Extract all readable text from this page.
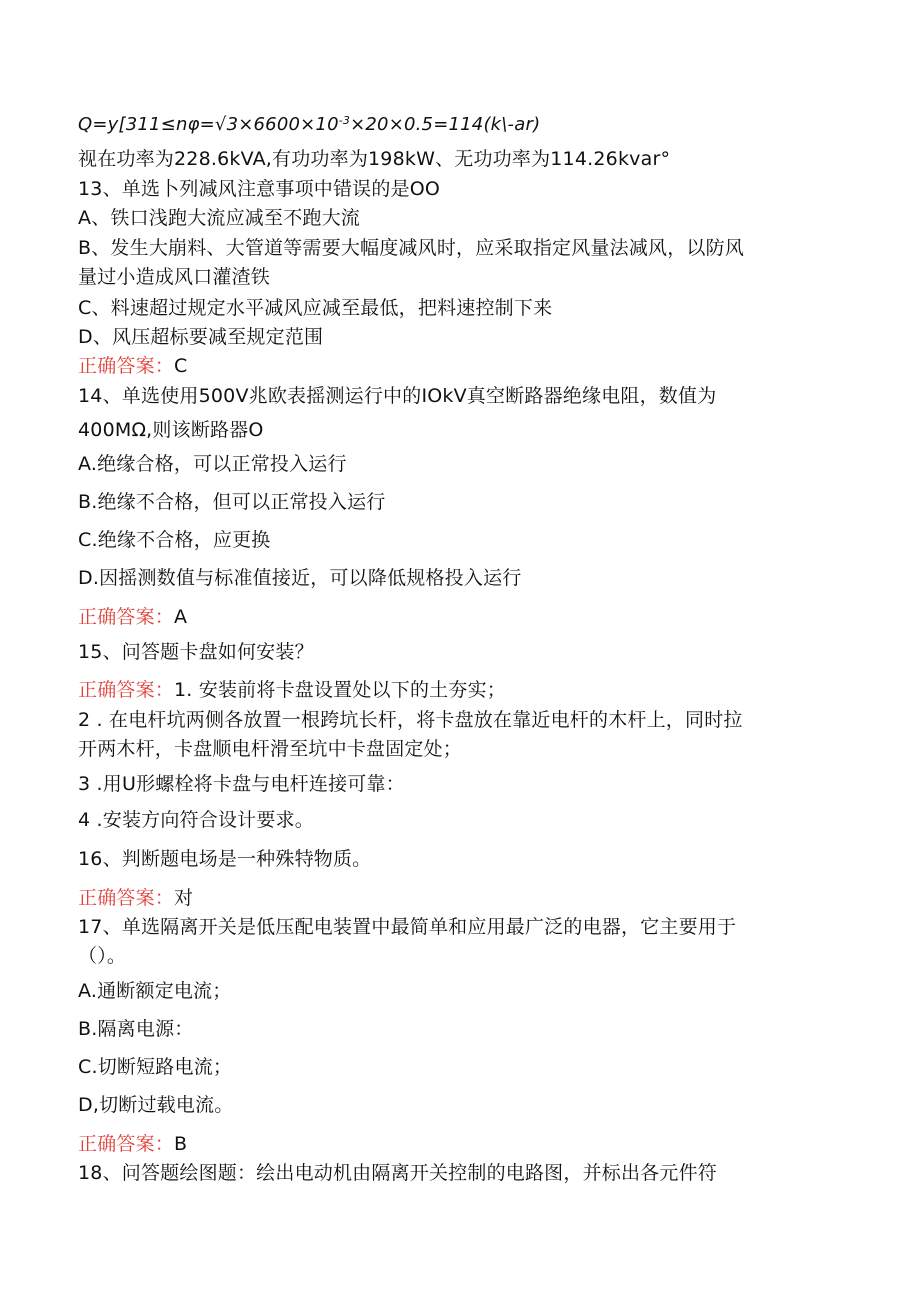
$Q=y[311\le n\varphi=√3\times 6600\times 10^{-3}\times 20\times 0.5=114(k\backslash-ar)$
视在功率为228.6kVA,有功功率为198kW、无功功率为114.26kvar°
13、单选卜列减风注意事项中错误的是OO
A、铁口浅跑大流应减至不跑大流
B、发生大崩料、大管道等需要大幅度减风时，应采取指定风量法减风，以防风
量过小造成风口灌渣铁
C、料速超过规定水平减风应减至最低，把料速控制下来
D、风压超标要减至规定范围
正确答案：C
14、单选使用500V兆欧表摇测运行中的IOkV真空断路器绝缘电阻，数值为
400MΩ,则该断路器O
A.绝缘合格，可以正常投入运行
B.绝缘不合格，但可以正常投入运行
C.绝缘不合格，应更换
D.因摇测数值与标准值接近，可以降低规格投入运行
正确答案：A
15、问答题卡盘如何安装？
正确答案：1. 安装前将卡盘设置处以下的土夯实；
2 . 在电杆坑两侧各放置一根跨坑长杆，将卡盘放在靠近电杆的木杆上，同时拉
开两木杆，卡盘顺电杆滑至坑中卡盘固定处；
3 .用U形螺栓将卡盘与电杆连接可靠：
4 .安装方向符合设计要求。
16、判断题电场是一种殊特物质。
正确答案：对
17、单选隔离开关是低压配电装置中最简单和应用最广泛的电器，它主要用于
（）。
A.通断额定电流；
B.隔离电源：
C.切断短路电流；
D,切断过载电流。
正确答案：B
18、问答题绘图题：绘出电动机由隔离开关控制的电路图，并标出各元件符
